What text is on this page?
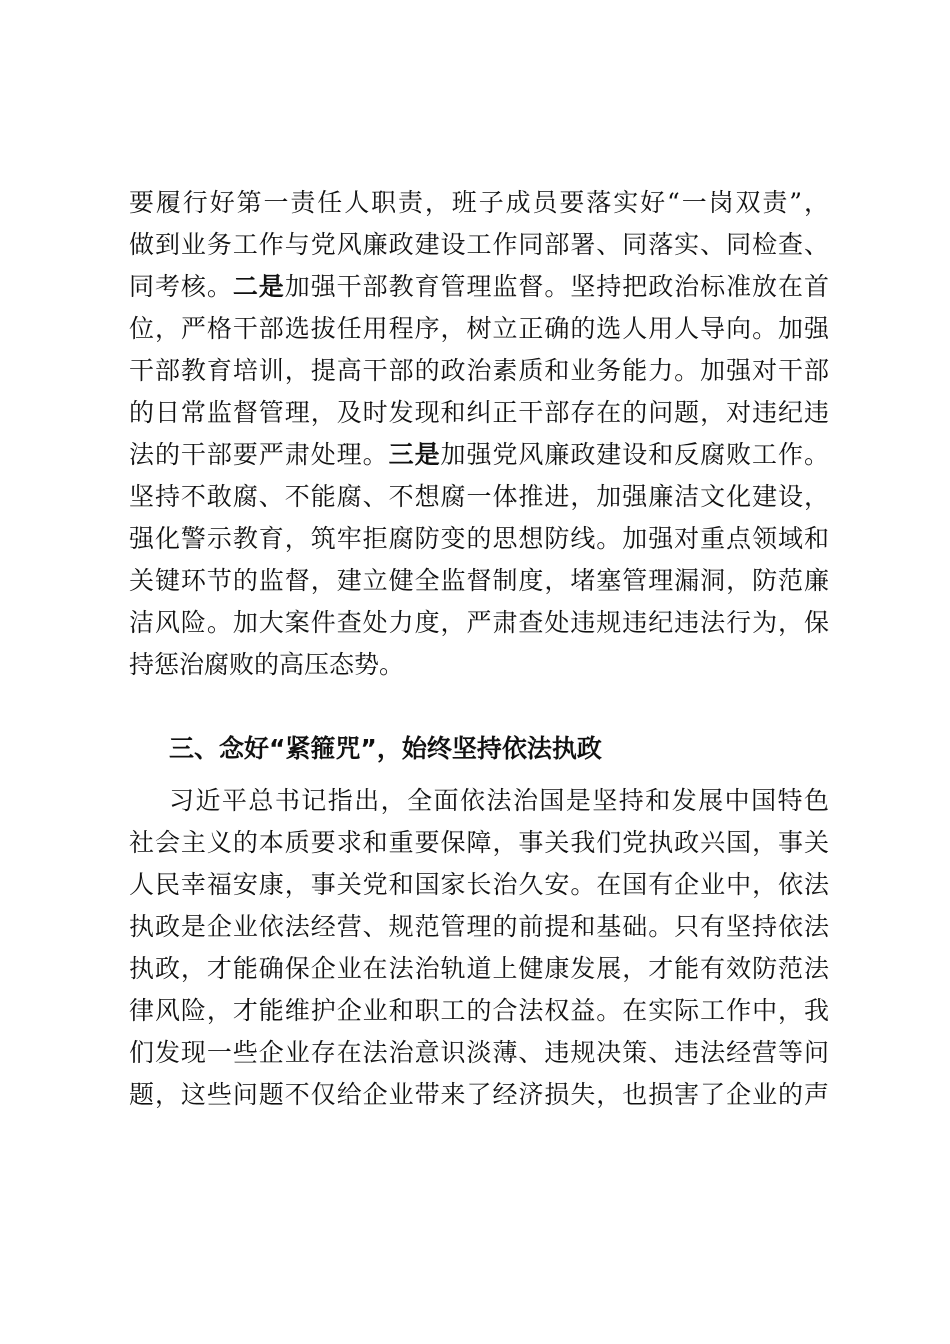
要履行好第一责任人职责，班子成员要落实好“一岗双责”，
做到业务工作与党风廉政建设工作同部署、同落实、同检查、
同考核。二是加强干部教育管理监督。坚持把政治标准放在首
位，严格干部选拔任用程序，树立正确的选人用人导向。加强
干部教育培训，提高干部的政治素质和业务能力。加强对干部
的日常监督管理，及时发现和纠正干部存在的问题，对违纪违
法的干部要严肃处理。三是加强党风廉政建设和反腐败工作。
坚持不敢腐、不能腐、不想腐一体推进，加强廉洁文化建设，
强化警示教育，筑牢拒腐防变的思想防线。加强对重点领域和
关键环节的监督，建立健全监督制度，堵塞管理漏洞，防范廉
洁风险。加大案件查处力度，严肃查处违规违纪违法行为，保
持惩治腐败的高压态势。
三、念好“紧箍咒”，始终坚持依法执政
习近平总书记指出，全面依法治国是坚持和发展中国特色
社会主义的本质要求和重要保障，事关我们党执政兴国，事关
人民幸福安康，事关党和国家长治久安。在国有企业中，依法
执政是企业依法经营、规范管理的前提和基础。只有坚持依法
执政，才能确保企业在法治轨道上健康发展，才能有效防范法
律风险，才能维护企业和职工的合法权益。在实际工作中，我
们发现一些企业存在法治意识淡薄、违规决策、违法经营等问
题，这些问题不仅给企业带来了经济损失，也损害了企业的声
